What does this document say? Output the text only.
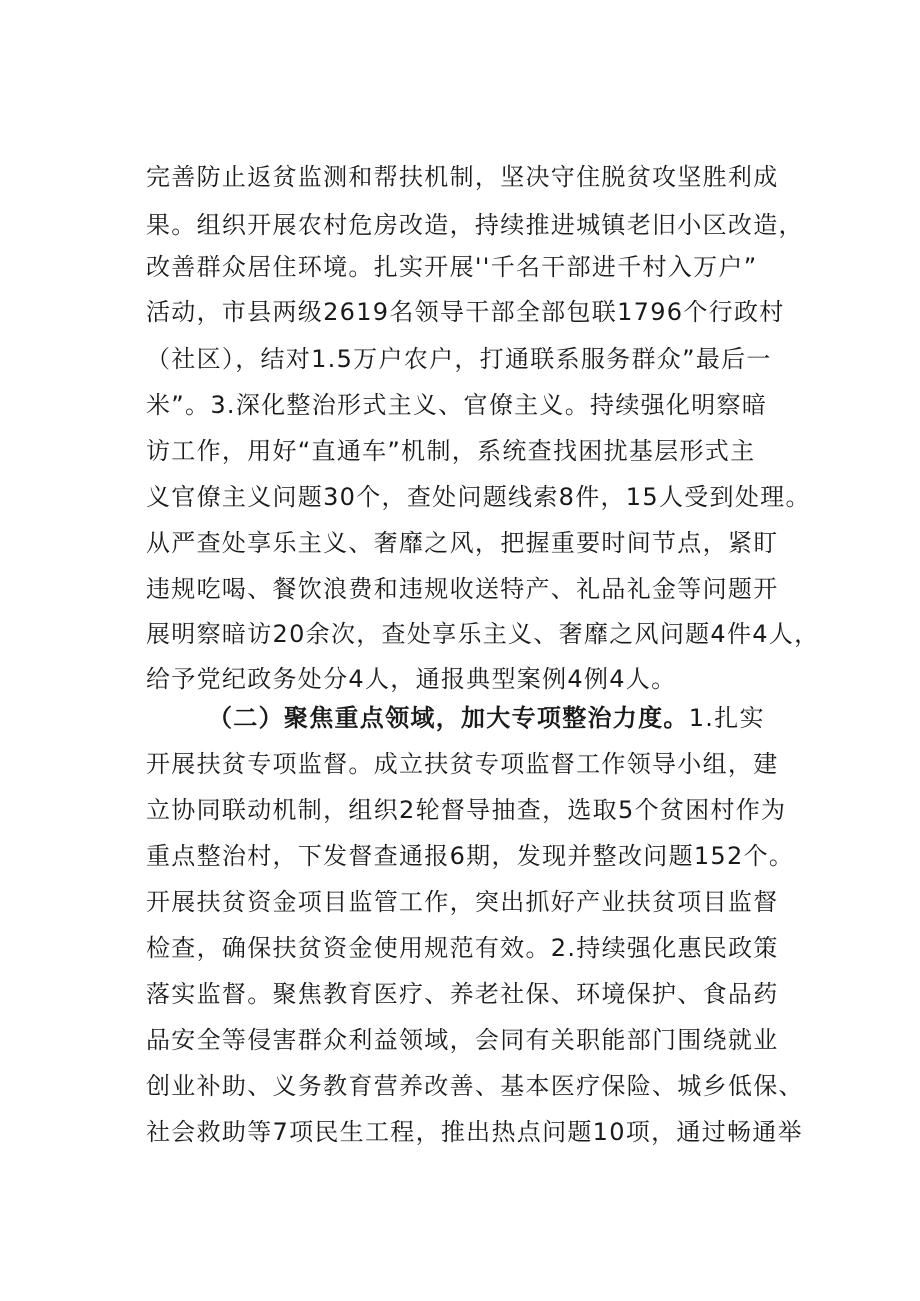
完善防止返贫监测和帮扶机制，坚决守住脱贫攻坚胜利成
果。组织开展农村危房改造，持续推进城镇老旧小区改造，
改善群众居住环境。扎实开展''千名干部进千村入万户”
活动，市县两级2619名领导干部全部包联1796个行政村
（社区），结对1.5万户农户，打通联系服务群众”最后一
米”。3.深化整治形式主义、官僚主义。持续强化明察暗
访工作，用好“直通车”机制，系统查找困扰基层形式主
义官僚主义问题30个，查处问题线索8件，15人受到处理。
从严查处享乐主义、奢靡之风，把握重要时间节点，紧盯
违规吃喝、餐饮浪费和违规收送特产、礼品礼金等问题开
展明察暗访20余次，查处享乐主义、奢靡之风问题4件4人，
给予党纪政务处分4人，通报典型案例4例4人。
（二）聚焦重点领域，加大专项整治力度。1.扎实
开展扶贫专项监督。成立扶贫专项监督工作领导小组，建
立协同联动机制，组织2轮督导抽查，选取5个贫困村作为
重点整治村，下发督查通报6期，发现并整改问题152个。
开展扶贫资金项目监管工作，突出抓好产业扶贫项目监督
检查，确保扶贫资金使用规范有效。2.持续强化惠民政策
落实监督。聚焦教育医疗、养老社保、环境保护、食品药
品安全等侵害群众利益领域，会同有关职能部门围绕就业
创业补助、义务教育营养改善、基本医疗保险、城乡低保、
社会救助等7项民生工程，推出热点问题10项，通过畅通举
